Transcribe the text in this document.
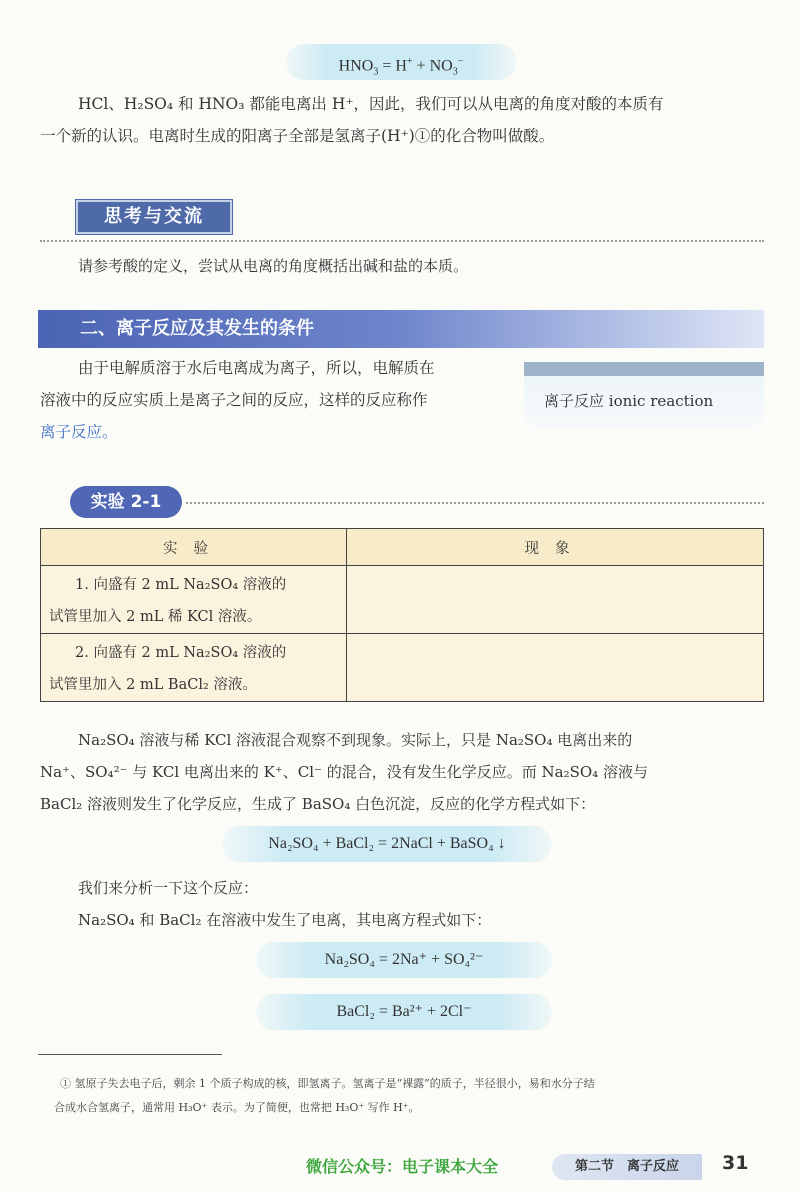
$HNO_3 = H^+ + NO_3^-$
HCl、H₂SO₄ 和 HNO₃ 都能电离出 H⁺，因此，我们可以从电离的角度对酸的本质有
一个新的认识。电离时生成的阳离子全部是氢离子(H⁺)①的化合物叫做酸。
思考与交流
请参考酸的定义，尝试从电离的角度概括出碱和盐的本质。
二、离子反应及其发生的条件
由于电解质溶于水后电离成为离子，所以，电解质在
溶液中的反应实质上是离子之间的反应，这样的反应称作
离子反应。
离子反应 ionic reaction
实验 2-1
实验	现象

1. 向盛有 2 mL Na₂SO₄ 溶液的
试管里加入 2 mL 稀 KCl 溶液。	

2. 向盛有 2 mL Na₂SO₄ 溶液的
试管里加入 2 mL BaCl₂ 溶液。	

Na₂SO₄ 溶液与稀 KCl 溶液混合观察不到现象。实际上，只是 Na₂SO₄ 电离出来的
Na⁺、SO₄²⁻ 与 KCl 电离出来的 K⁺、Cl⁻ 的混合，没有发生化学反应。而 Na₂SO₄ 溶液与
BaCl₂ 溶液则发生了化学反应，生成了 BaSO₄ 白色沉淀，反应的化学方程式如下：
Na₂SO₄ + BaCl₂ = 2NaCl + BaSO₄ ↓
我们来分析一下这个反应：
Na₂SO₄ 和 BaCl₂ 在溶液中发生了电离，其电离方程式如下：
Na₂SO₄ = 2Na⁺ + SO₄²⁻
BaCl₂ = Ba²⁺ + 2Cl⁻
① 氢原子失去电子后，剩余 1 个质子构成的核，即氢离子。氢离子是“裸露”的质子，半径很小，易和水分子结
合成水合氢离子，通常用 H₃O⁺ 表示。为了简便，也常把 H₃O⁺ 写作 H⁺。
微信公众号：电子课本大全	第二节　离子反应	31
